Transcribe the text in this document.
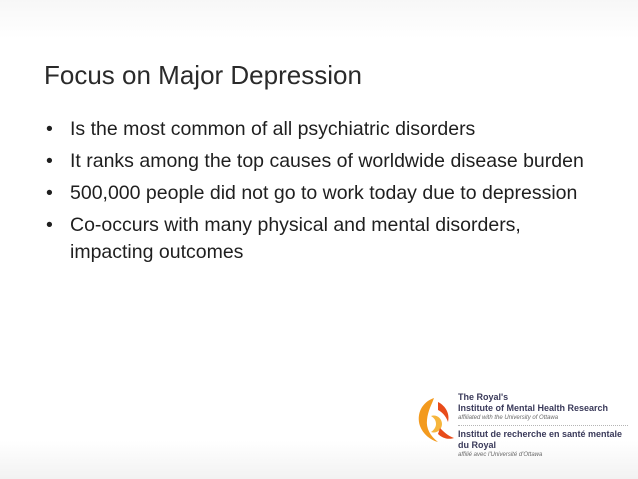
Focus on Major Depression
• Is the most common of all psychiatric disorders
• It ranks among the top causes of worldwide disease burden
• 500,000 people did not go to work today due to depression
• Co-occurs with many physical and mental disorders, impacting outcomes
The Royal's
Institute of Mental Health Research
affiliated with the University of Ottawa
Institut de recherche en santé mentale
du Royal
affilié avec l'Université d'Ottawa
